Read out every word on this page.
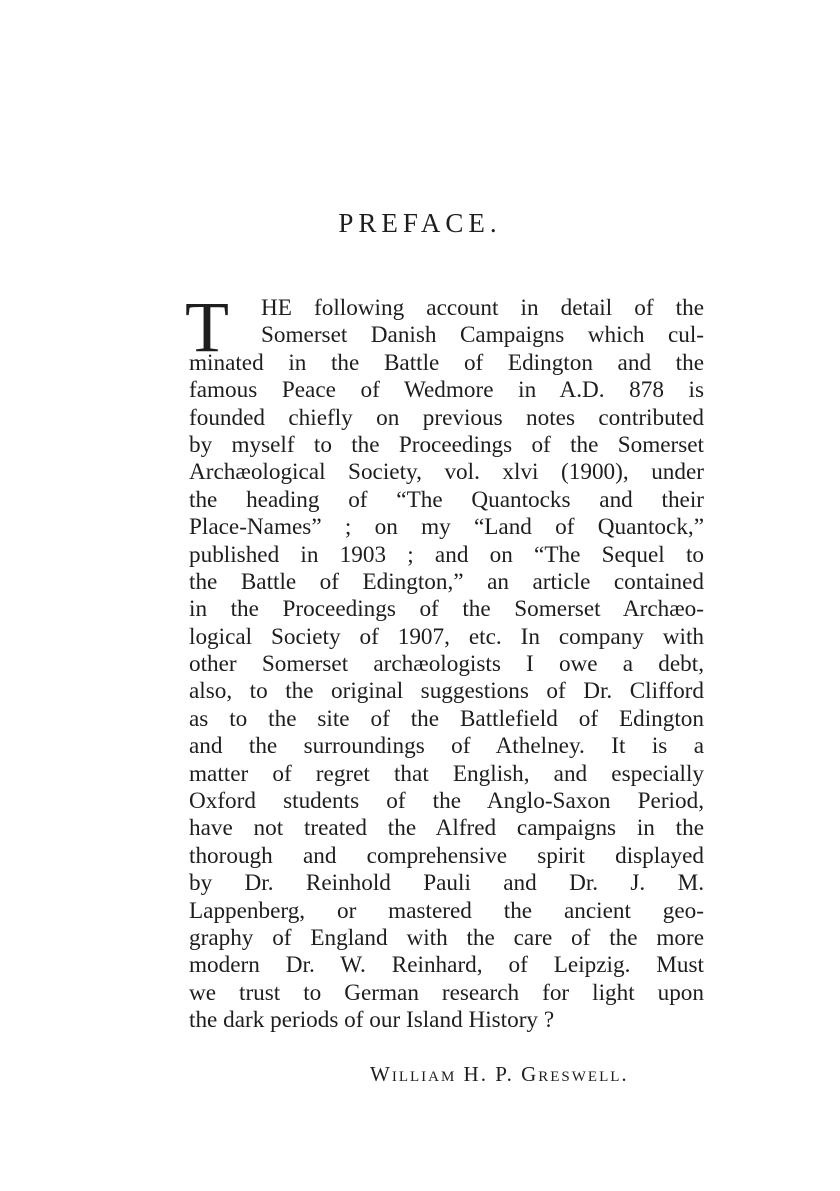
PREFACE.
T	HE following account in detail of the
Somerset Danish Campaigns which cul-
minated in the Battle of Edington and the
famous Peace of Wedmore in A.D. 878 is
founded chiefly on previous notes contributed
by myself to the Proceedings of the Somerset
Archæological Society, vol. xlvi (1900), under
the heading of “The Quantocks and their
Place-Names” ; on my “Land of Quantock,”
published in 1903 ; and on “The Sequel to
the Battle of Edington,” an article contained
in the Proceedings of the Somerset Archæo-
logical Society of 1907, etc. In company with
other Somerset archæologists I owe a debt,
also, to the original suggestions of Dr. Clifford
as to the site of the Battlefield of Edington
and the surroundings of Athelney. It is a
matter of regret that English, and especially
Oxford students of the Anglo-Saxon Period,
have not treated the Alfred campaigns in the
thorough and comprehensive spirit displayed
by Dr. Reinhold Pauli and Dr. J. M.
Lappenberg, or mastered the ancient geo-
graphy of England with the care of the more
modern Dr. W. Reinhard, of Leipzig. Must
we trust to German research for light upon
the dark periods of our Island History ?
William H. P. Greswell.
